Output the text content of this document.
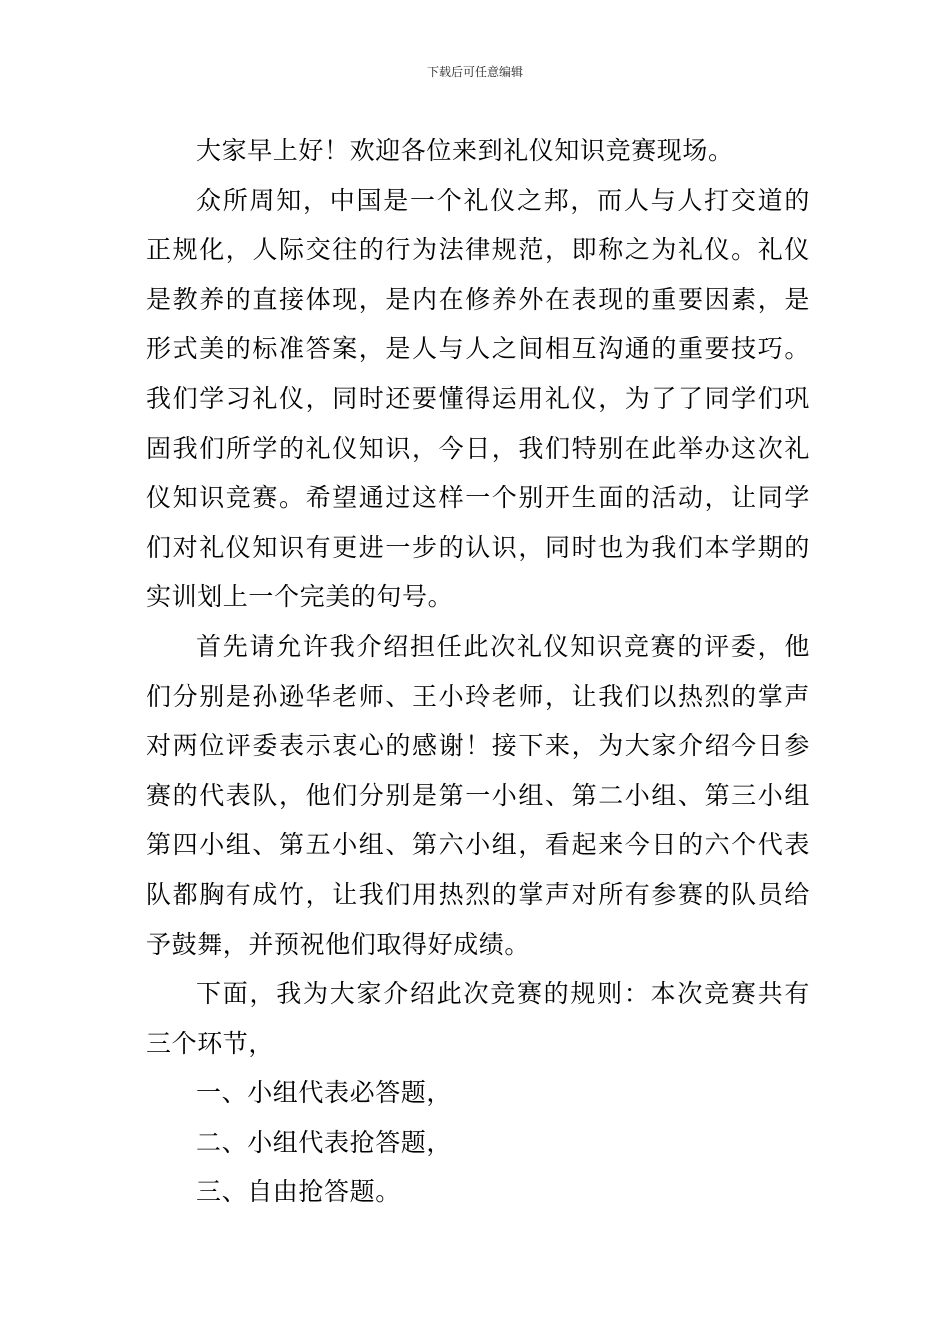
下载后可任意编辑

大家早上好！欢迎各位来到礼仪知识竞赛现场。

众所周知，中国是一个礼仪之邦，而人与人打交道的正规化，人际交往的行为法律规范，即称之为礼仪。礼仪是教养的直接体现，是内在修养外在表现的重要因素，是形式美的标准答案，是人与人之间相互沟通的重要技巧。我们学习礼仪，同时还要懂得运用礼仪，为了了同学们巩固我们所学的礼仪知识，今日，我们特别在此举办这次礼仪知识竞赛。希望通过这样一个别开生面的活动，让同学们对礼仪知识有更进一步的认识，同时也为我们本学期的实训划上一个完美的句号。

首先请允许我介绍担任此次礼仪知识竞赛的评委，他们分别是孙逊华老师、王小玲老师，让我们以热烈的掌声对两位评委表示衷心的感谢！接下来，为大家介绍今日参赛的代表队，他们分别是第一小组、第二小组、第三小组第四小组、第五小组、第六小组，看起来今日的六个代表队都胸有成竹，让我们用热烈的掌声对所有参赛的队员给予鼓舞，并预祝他们取得好成绩。

下面，我为大家介绍此次竞赛的规则：本次竞赛共有三个环节，

一、小组代表必答题，

二、小组代表抢答题，

三、自由抢答题。
